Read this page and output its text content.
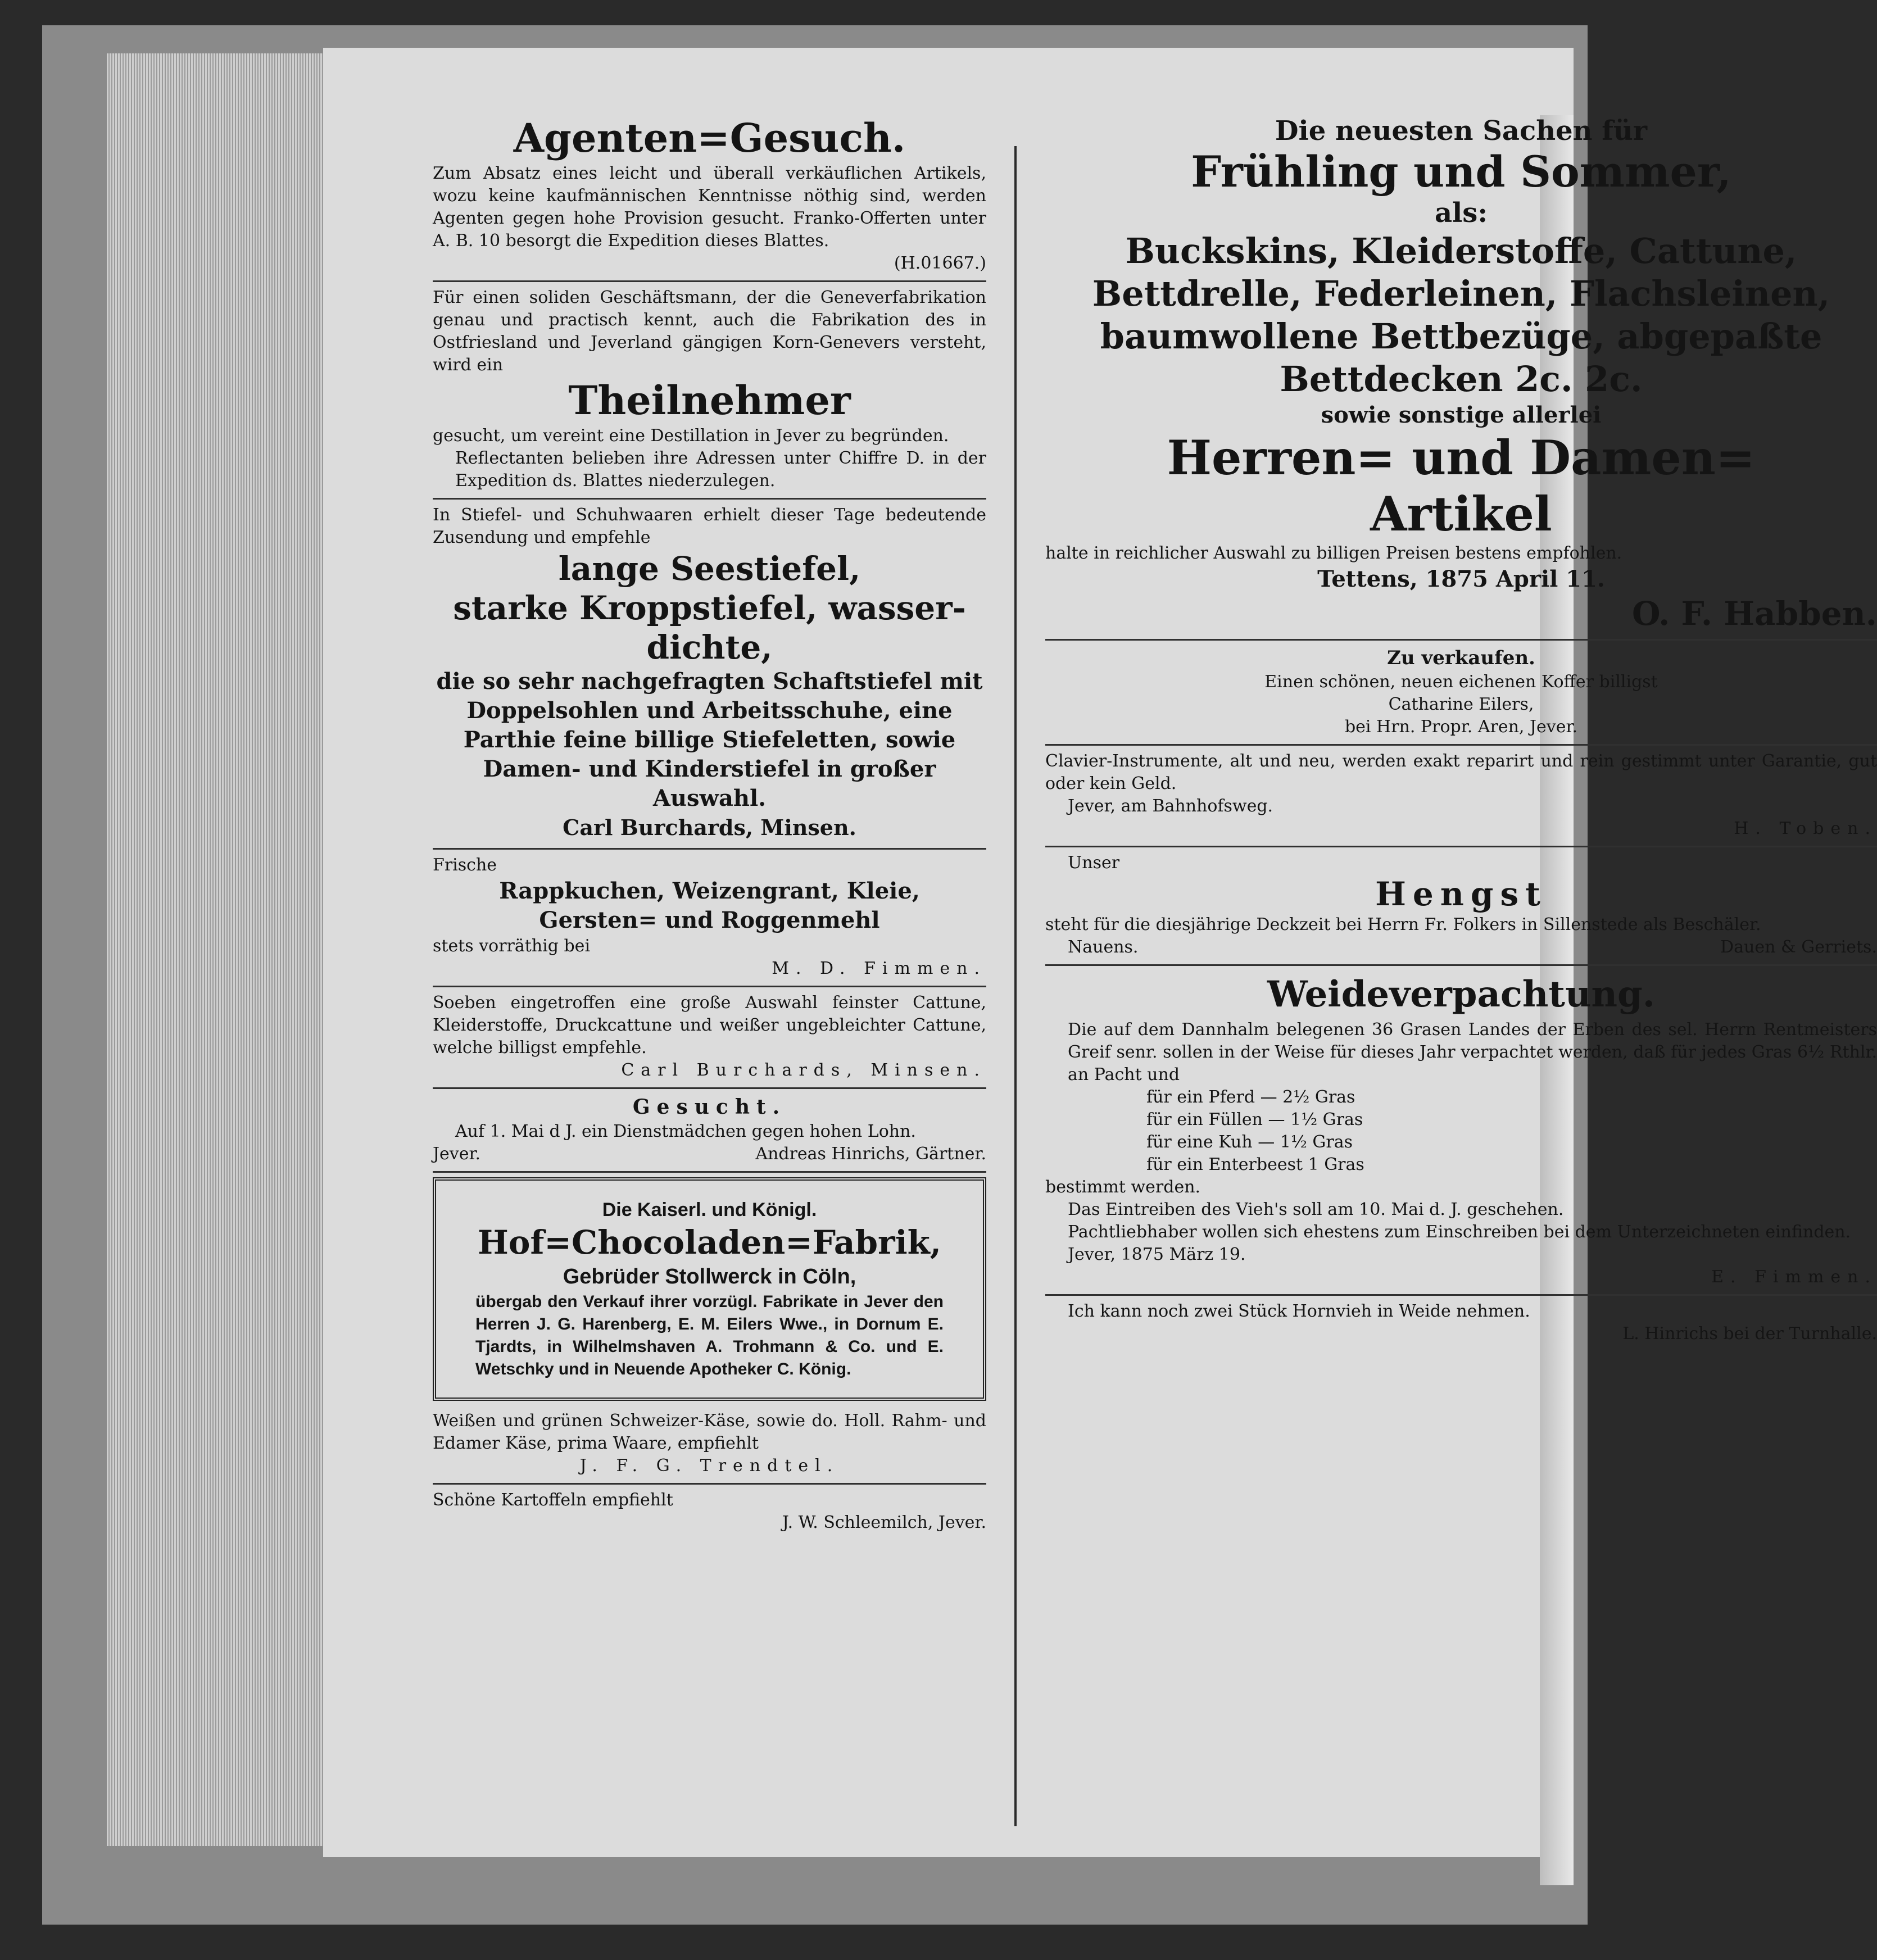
Agenten=Gesuch.

Zum Absatz eines leicht und überall verkäuflichen Artikels, wozu keine kaufmännischen Kenntnisse nöthig sind, werden Agenten gegen hohe Provision gesucht. Franko-Offerten unter A. B. 10 besorgt die Expedition dieses Blattes.

(H.01667.)

Für einen soliden Geschäftsmann, der die Geneverfabrikation genau und practisch kennt, auch die Fabrikation des in Ostfriesland und Jeverland gängigen Korn-Genevers versteht, wird ein

Theilnehmer

gesucht, um vereint eine Destillation in Jever zu begründen.

Reflectanten belieben ihre Adressen unter Chiffre D. in der Expedition ds. Blattes niederzulegen.

In Stiefel- und Schuhwaaren erhielt dieser Tage bedeutende Zusendung und empfehle

lange Seestiefel,
starke Kroppstiefel, wasser-
dichte,
die so sehr nachgefragten Schaftstiefel mit Doppelsohlen und Arbeitsschuhe, eine Parthie feine billige Stiefeletten, sowie Damen- und Kinderstiefel in großer Auswahl.
Carl Burchards, Minsen.
Frische
Rappkuchen, Weizengrant, Kleie,
Gersten= und Roggenmehl
stets vorräthig bei
M. D. Fimmen.

Soeben eingetroffen eine große Auswahl feinster Cattune, Kleiderstoffe, Druckcattune und weißer ungebleichter Cattune, welche billigst empfehle.

Carl Burchards, Minsen.
Gesucht.

Auf 1. Mai d J. ein Dienstmädchen gegen hohen Lohn.

Jever.	Andreas Hinrichs, Gärtner.
Die Kaiserl. und Königl.
Hof=Chocoladen=Fabrik,
Gebrüder Stollwerck in Cöln,

übergab den Verkauf ihrer vorzügl. Fabrikate in Jever den Herren J. G. Harenberg, E. M. Eilers Wwe., in Dornum E. Tjardts, in Wilhelmshaven A. Trohmann & Co. und E. Wetschky und in Neuende Apotheker C. König.

Weißen und grünen Schweizer-Käse, sowie do. Holl. Rahm- und Edamer Käse, prima Waare, empfiehlt

J. F. G. Trendtel.
Schöne Kartoffeln empfiehlt
J. W. Schleemilch, Jever.
Die neuesten Sachen für
Frühling und Sommer,
als:
Buckskins, Kleiderstoffe, Cattune, Bettdrelle, Federleinen, Flachsleinen, baumwollene Bettbezüge, abgepaßte Bettdecken 2c. 2c.
sowie sonstige allerlei
Herren= und Damen=
Artikel

halte in reichlicher Auswahl zu billigen Preisen bestens empfohlen.

Tettens, 1875 April 11.
O. F. Habben.
Zu verkaufen.
Einen schönen, neuen eichenen Koffer billigst
Catharine Eilers,
bei Hrn. Propr. Aren, Jever.

Clavier-Instrumente, alt und neu, werden exakt reparirt und rein gestimmt unter Garantie, gut oder kein Geld.

Jever, am Bahnhofsweg.
H. Toben.
Unser
Hengst

steht für die diesjährige Deckzeit bei Herrn Fr. Folkers in Sillenstede als Beschäler.

Nauens.	Dauen & Gerriets.
Weideverpachtung.

Die auf dem Dannhalm belegenen 36 Grasen Landes der Erben des sel. Herrn Rentmeisters Greif senr. sollen in der Weise für dieses Jahr verpachtet werden, daß für jedes Gras 6½ Rthlr. an Pacht und

für ein Pferd — 2½ Gras
für ein Füllen — 1½ Gras
für eine Kuh — 1½ Gras
für ein Enterbeest 1 Gras
bestimmt werden.

Das Eintreiben des Vieh's soll am 10. Mai d. J. geschehen.

Pachtliebhaber wollen sich ehestens zum Einschreiben bei dem Unterzeichneten einfinden.

Jever, 1875 März 19.
E. Fimmen.

Ich kann noch zwei Stück Hornvieh in Weide nehmen.

L. Hinrichs bei der Turnhalle.
